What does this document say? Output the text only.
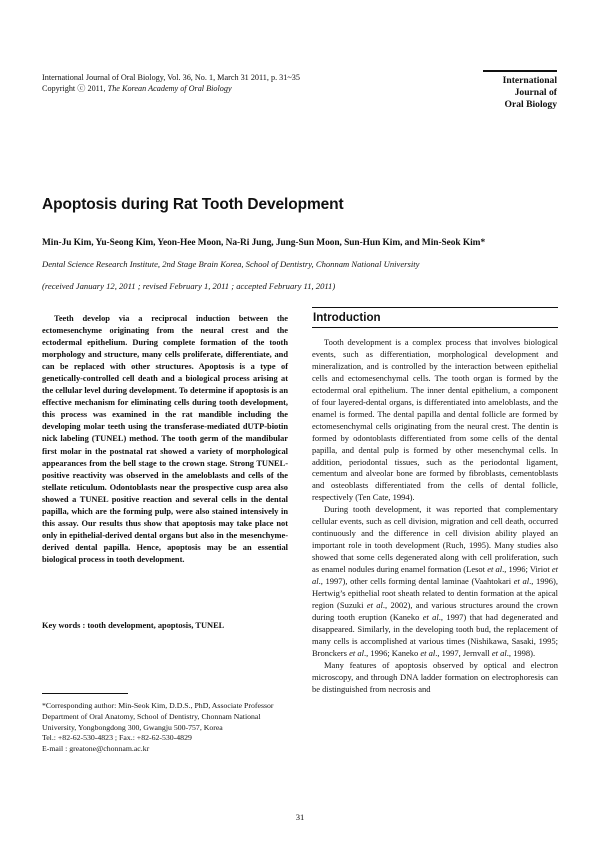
International Journal of Oral Biology, Vol. 36, No. 1, March 31 2011, p. 31~35
Copyright ⓒ 2011, The Korean Academy of Oral Biology
International
Journal of
Oral Biology
Apoptosis during Rat Tooth Development
Min-Ju Kim, Yu-Seong Kim, Yeon-Hee Moon, Na-Ri Jung, Jung-Sun Moon, Sun-Hun Kim, and Min-Seok Kim*
Dental Science Research Institute, 2nd Stage Brain Korea, School of Dentistry, Chonnam National University
(received January 12, 2011 ; revised February 1, 2011 ; accepted February 11, 2011)

Teeth develop via a reciprocal induction between the ectomesenchyme originating from the neural crest and the ectodermal epithelium. During complete formation of the tooth morphology and structure, many cells proliferate, differentiate, and can be replaced with other structures. Apoptosis is a type of genetically-controlled cell death and a biological process arising at the cellular level during development. To determine if apoptosis is an effective mechanism for eliminating cells during tooth development, this process was examined in the rat mandible including the developing molar teeth using the transferase-mediated dUTP-biotin nick labeling (TUNEL) method. The tooth germ of the mandibular first molar in the postnatal rat showed a variety of morphological appearances from the bell stage to the crown stage. Strong TUNEL-positive reactivity was observed in the ameloblasts and cells of the stellate reticulum. Odontoblasts near the prospective cusp area also showed a TUNEL positive reaction and several cells in the dental papilla, which are the forming pulp, were also stained intensively in this assay. Our results thus show that apoptosis may take place not only in epithelial-derived dental organs but also in the mesenchyme-derived dental papilla. Hence, apoptosis may be an essential biological process in tooth development.

Key words : tooth development, apoptosis, TUNEL

*Corresponding author: Min-Seok Kim, D.D.S., PhD, Associate Professor Department of Oral Anatomy, School of Dentistry, Chonnam National University, Yongbongdong 300, Gwangju 500-757, Korea

Tel.: +82-62-530-4823 ; Fax.: +82-62-530-4829

E-mail : greatone@chonnam.ac.kr

Introduction

Tooth development is a complex process that involves biological events, such as differentiation, morphological development and mineralization, and is controlled by the interaction between epithelial cells and ectomesenchymal cells. The tooth organ is formed by the ectodermal oral epithelium. The inner dental epithelium, a component of four layered-dental organs, is differentiated into ameloblasts, and the enamel is formed. The dental papilla and dental follicle are formed by ectomesenchymal cells originating from the neural crest. The dentin is formed by odontoblasts differentiated from some cells of the dental papilla, and dental pulp is formed by other mesenchymal cells. In addition, periodontal tissues, such as the periodontal ligament, cementum and alveolar bone are formed by fibroblasts, cementoblasts and osteoblasts differentiated from the cells of dental follicle, respectively (Ten Cate, 1994).

During tooth development, it was reported that complementary cellular events, such as cell division, migration and cell death, occurred continuously and the difference in cell division ability played an important role in tooth development (Ruch, 1995). Many studies also showed that some cells degenerated along with cell proliferation, such as enamel nodules during enamel formation (Lesot et al., 1996; Viriot et al., 1997), other cells forming dental laminae (Vaahtokari et al., 1996), Hertwig’s epithelial root sheath related to dentin formation at the apical region (Suzuki et al., 2002), and various structures around the crown during tooth eruption (Kaneko et al., 1997) that had degenerated and disappeared. Similarly, in the developing tooth bud, the replacement of many cells is accomplished at various times (Nishikawa, Sasaki, 1995; Bronckers et al., 1996; Kaneko et al., 1997, Jernvall et al., 1998).

Many features of apoptosis observed by optical and electron microscopy, and through DNA ladder formation on electrophoresis can be distinguished from necrosis and

31
